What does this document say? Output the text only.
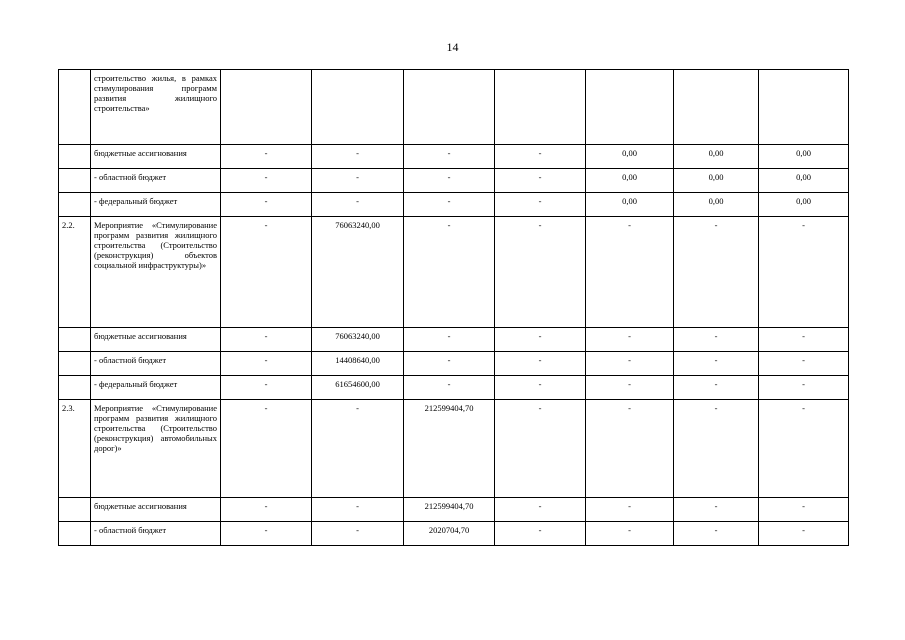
14
	строительство жилья, в рамках стимулирования программ развития жилищного строительства»							
	бюджетные ассигнования	-	-	-	-	0,00	0,00	0,00
	- областной бюджет	-	-	-	-	0,00	0,00	0,00
	- федеральный бюджет	-	-	-	-	0,00	0,00	0,00
2.2.	Мероприятие «Стимулирование программ развития жилищного строительства (Строительство (реконструкция) объектов социальной инфраструктуры)»	-	76063240,00	-	-	-	-	-
	бюджетные ассигнования	-	76063240,00	-	-	-	-	-
	- областной бюджет	-	14408640,00	-	-	-	-	-
	- федеральный бюджет	-	61654600,00	-	-	-	-	-
2.3.	Мероприятие «Стимулирование программ развития жилищного строительства (Строительство (реконструкция) автомобильных дорог)»	-	-	212599404,70	-	-	-	-
	бюджетные ассигнования	-	-	212599404,70	-	-	-	-
	- областной бюджет	-	-	2020704,70	-	-	-	-
